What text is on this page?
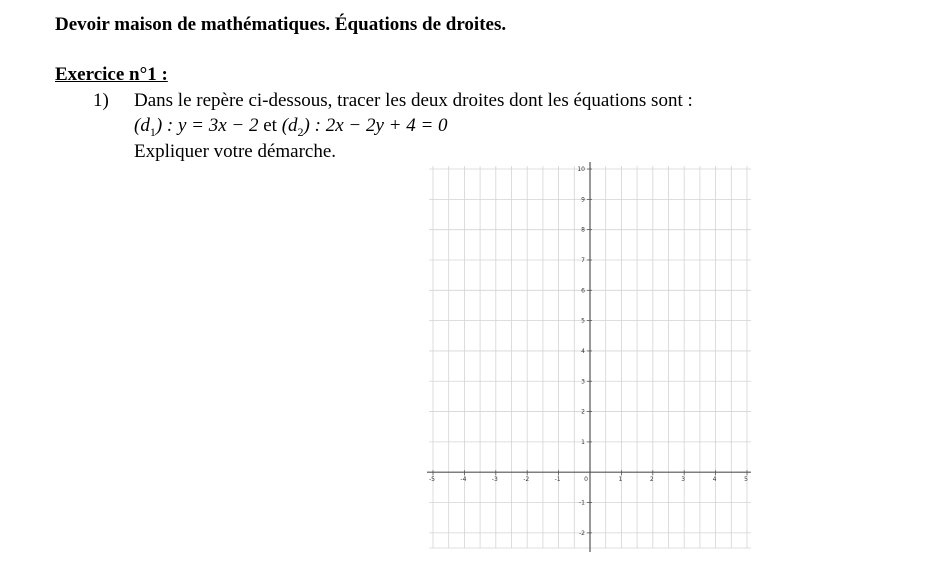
Devoir maison de mathématiques. Équations de droites.
Exercice n°1 :
1) Dans le repère ci-dessous, tracer les deux droites dont les équations sont :
$(d_1)$ : y = 3x − 2 et $(d_2)$ : 2x − 2y + 4 = 0
Expliquer votre démarche.
-5	-4	-3	-2	-1	0	1	2	3	4	5
-2
-1
1
2
3
4
5
6
7
8
9
10
